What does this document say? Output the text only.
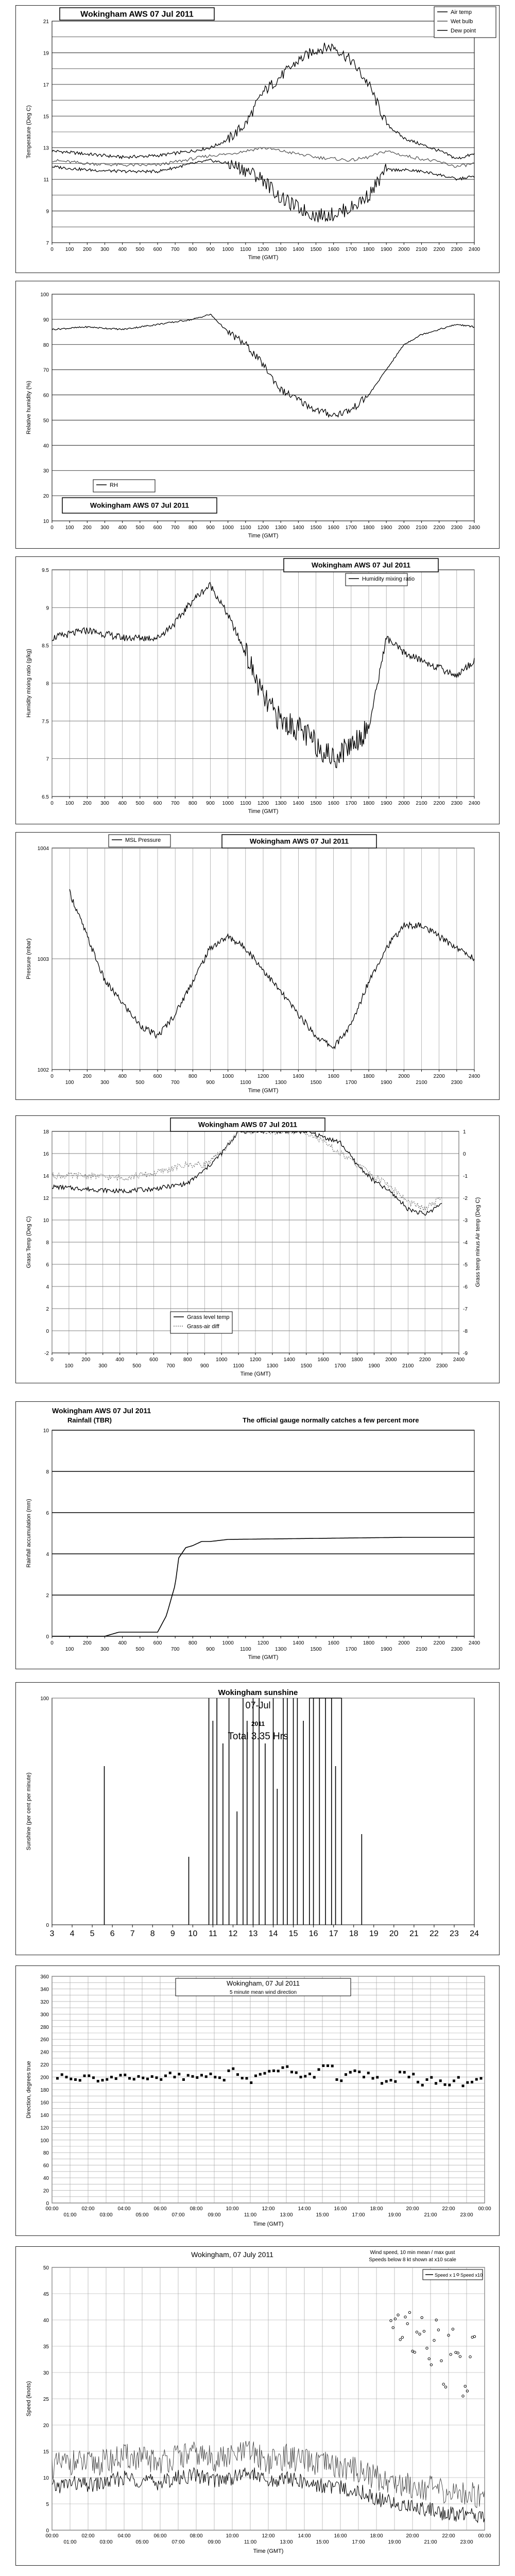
7
9
11
13
15
17
19
21
0 100 200 300 400 500 600 700 800 900 1000 1100 1200 1300 1400 1500 1600 1700 1800 1900 2000 2100 2200 2300 2400
Time (GMT)
Temperature (Deg C)
Wokingham AWS 07 Jul 2011	Air temp
Wet bulb
Dew point
10
20
30
40
50
60
70
80
90
100
0 100 200 300 400 500 600 700 800 900 1000 1100 1200 1300 1400 1500 1600 1700 1800 1900 2000 2100 2200 2300 2400
Time (GMT)
Relative humidity (%)
RH
Wokingham AWS 07 Jul 2011
6.5
7
7.5
8
8.5
9
9.5
0 100 200 300 400 500 600 700 800 900 1000 1100 1200 1300 1400 1500 1600 1700 1800 1900 2000 2100 2200 2300 2400
Time (GMT)
Humidity mixing ratio (g/kg)
Wokingham AWS 07 Jul 2011
Humidity mixing ratio
1002
1003
1004
0
100
200
300
400
500
600
700
800
900
1000
1100
1200
1300
1400
1500
1600
1700
1800
1900
2000
2100
2200
2300
2400
Time (GMT)
Pressure (mbar)
MSL Pressure	Wokingham AWS 07 Jul 2011
-2
0
2
4
6
8
10
12
14
16
18
0
100
200
300
400
500
600
700
800
900
1000
1100
1200
1300
1400
1500
1600
1700
1800
1900
2000
2100
2200
2300
2400
Time (GMT)
Grass Temp (Deg C)
-9
-8
-7
-6
-5
-4
-3
-2
-1
0
1
Grass temp minus Air temp (Deg C)
Wokingham AWS 07 Jul 2011
Grass level temp
Grass-air diff
0
2
4
6
8
10
0
100
200
300
400
500
600
700
800
900
1000
1100
1200
1300
1400
1500
1600
1700
1800
1900
2000
2100
2200
2300
2400
Time (GMT)
Rainfall accumulation (mm)
Wokingham AWS 07 Jul 2011
Rainfall (TBR)	The official gauge normally catches a few percent more
0
100
3 4 5 6 7 8 9 10 11 12 13 14 15 16 17 18 19 20 21 22 23 24
Sunshine (per cent per minute)
Wokingham sunshine
07-Jul
2011
Total 3.35 Hrs
0
20
40
60
80
100
120
140
160
180
200
220
240
260
280
300
320
340
360
00:00
01:00
02:00
03:00
04:00
05:00
06:00
07:00
08:00
09:00
10:00
11:00
12:00
13:00
14:00
15:00
16:00
17:00
18:00
19:00
20:00
21:00
22:00
23:00
00:00
Time (GMT)
Direction, degrees true
Wokingham, 07 Jul 2011
5 minute mean wind direction
0
5
10
15
20
25
30
35
40
45
50
00:00
01:00
02:00
03:00
04:00
05:00
06:00
07:00
08:00
09:00
10:00
11:00
12:00
13:00
14:00
15:00
16:00
17:00
18:00
19:00
20:00
21:00
22:00
23:00
00:00
Time (GMT)
Speed (knots)
Wokingham, 07 July 2011	Wind speed, 10 min mean / max gust
Speeds below 8 kt shown at x10 scale
Speed x 1 Speed x10
